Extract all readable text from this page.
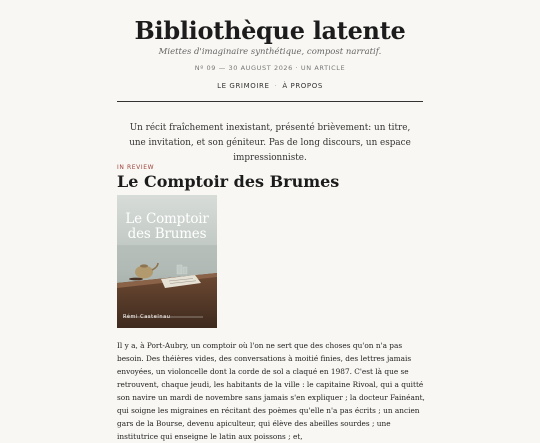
Bibliothèque latente
Miettes d'imaginaire synthétique, compost narratif.
Nº 09 — 30 AUGUST 2026 · UN ARTICLE
LE GRIMOIRE · À PROPOS
Un récit fraîchement inexistant, présenté brièvement: un titre, une invitation, et son géniteur. Pas de long discours, un espace impressionniste.
IN REVIEW
Le Comptoir des Brumes
Le Comptoir des Brumes
Rémi Castelnau
Il y a, à Port-Aubry, un comptoir où l'on ne sert que des choses qu'on n'a pas besoin. Des théières vides, des conversations à moitié finies, des lettres jamais envoyées, un violoncelle dont la corde de sol a claqué en 1987. C'est là que se retrouvent, chaque jeudi, les habitants de la ville : le capitaine Rivoal, qui a quitté son navire un mardi de novembre sans jamais s'en expliquer ; la docteur Fainéant, qui soigne les migraines en récitant des poèmes qu'elle n'a pas écrits ; un ancien gars de la Bourse, devenu apiculteur, qui élève des abeilles sourdes ; une institutrice qui enseigne le latin aux poissons ; et,
